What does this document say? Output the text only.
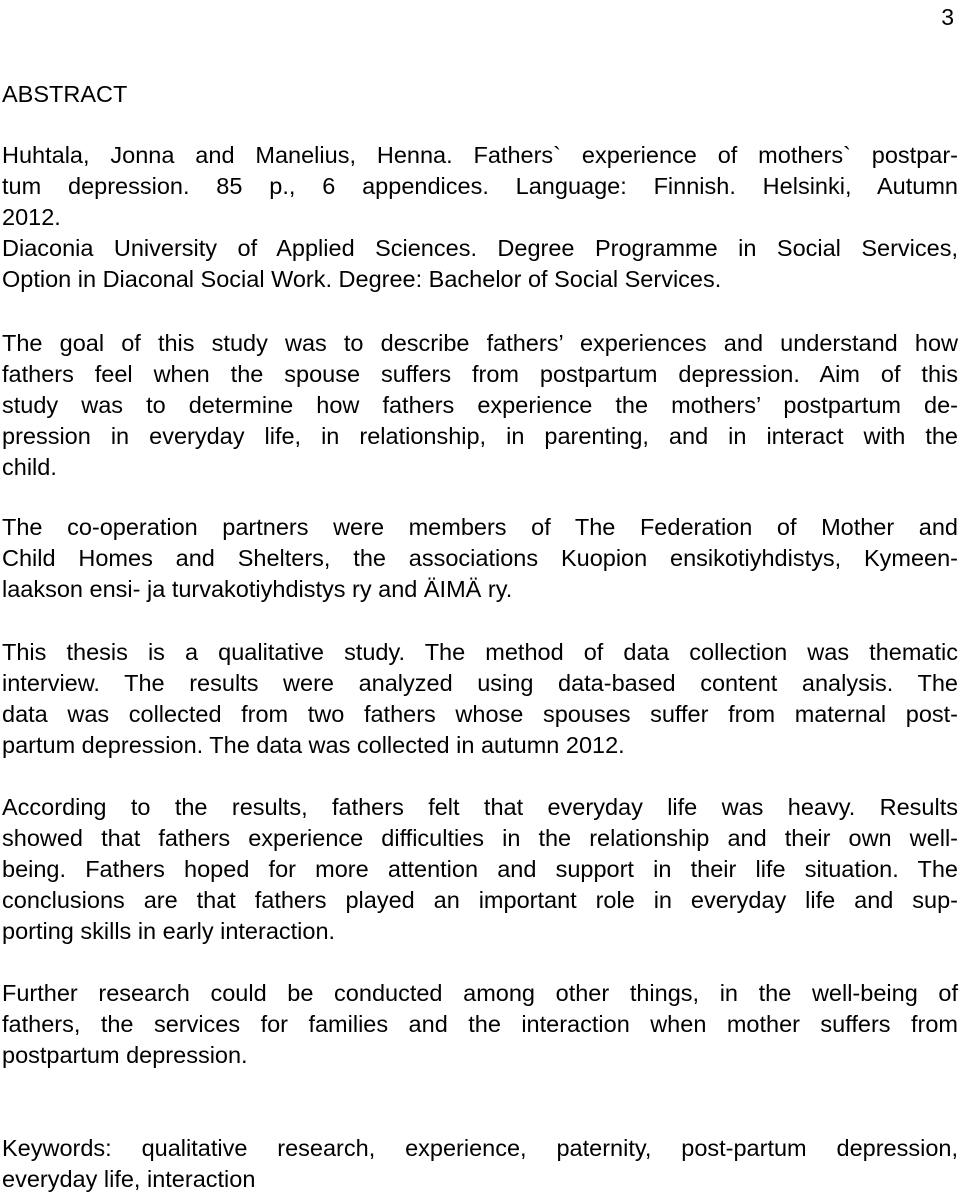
3
ABSTRACT
Huhtala, Jonna and Manelius, Henna. Fathers` experience of mothers` postpar-
tum depression. 85 p., 6 appendices. Language: Finnish. Helsinki, Autumn
2012.
Diaconia University of Applied Sciences. Degree Programme in Social Services,
Option in Diaconal Social Work. Degree: Bachelor of Social Services.
The goal of this study was to describe fathers’ experiences and understand how
fathers feel when the spouse suffers from postpartum depression. Aim of this
study was to determine how fathers experience the mothers’ postpartum de-
pression in everyday life, in relationship, in parenting, and in interact with the
child.
The co-operation partners were members of The Federation of Mother and
Child Homes and Shelters, the associations Kuopion ensikotiyhdistys, Kymeen-
laakson ensi- ja turvakotiyhdistys ry and ÄIMÄ ry.
This thesis is a qualitative study. The method of data collection was thematic
interview. The results were analyzed using data-based content analysis. The
data was collected from two fathers whose spouses suffer from maternal post-
partum depression. The data was collected in autumn 2012.
According to the results, fathers felt that everyday life was heavy. Results
showed that fathers experience difficulties in the relationship and their own well-
being. Fathers hoped for more attention and support in their life situation. The
conclusions are that fathers played an important role in everyday life and sup-
porting skills in early interaction.
Further research could be conducted among other things, in the well-being of
fathers, the services for families and the interaction when mother suffers from
postpartum depression.
Keywords: qualitative research, experience, paternity, post-partum depression,
everyday life, interaction
